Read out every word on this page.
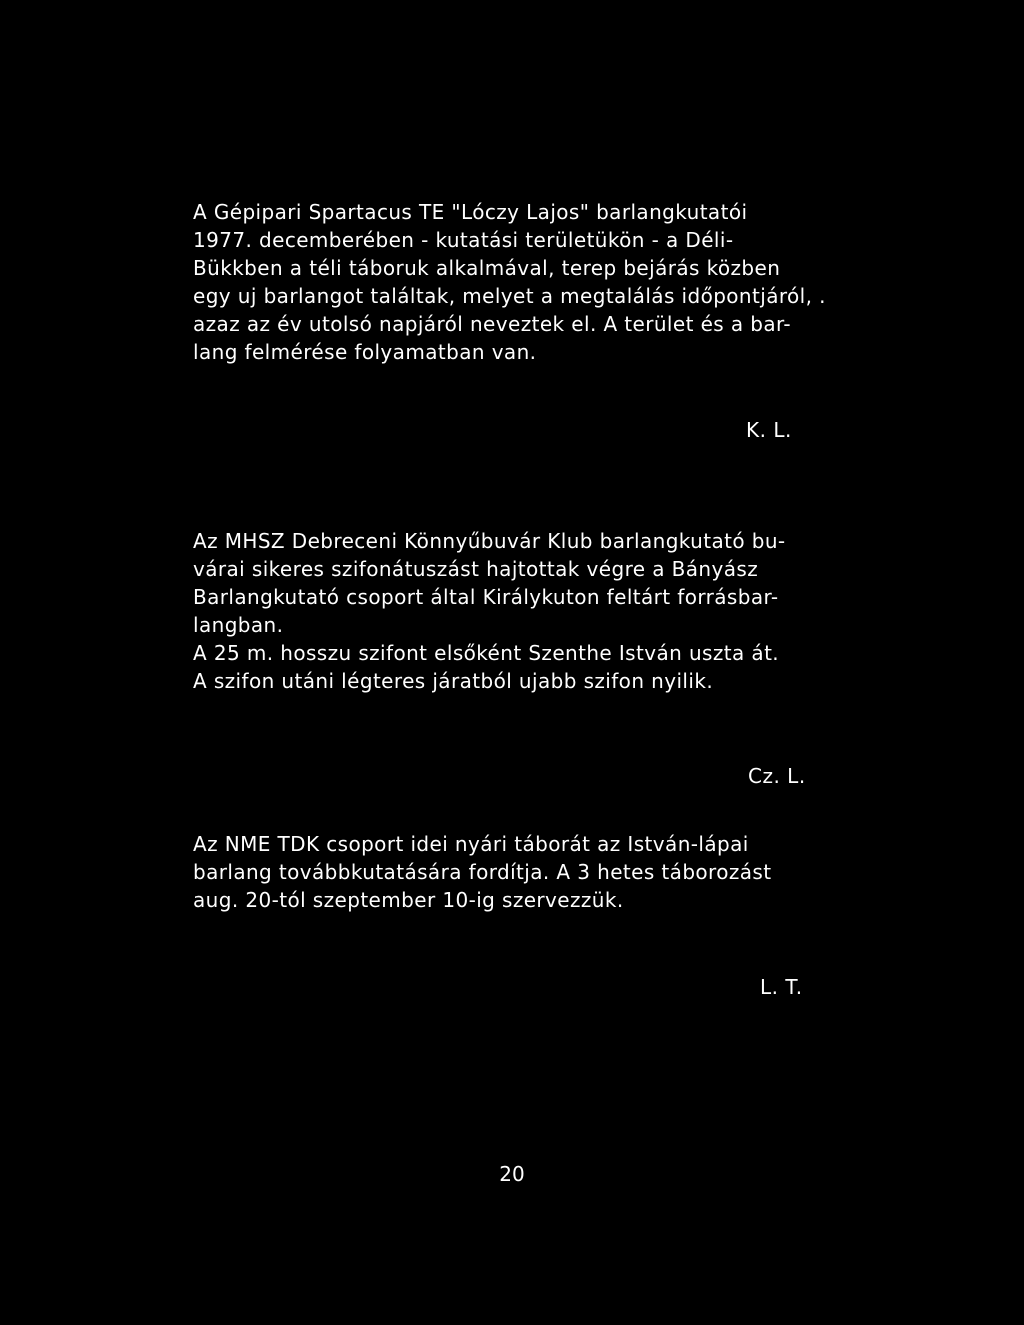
A Gépipari Spartacus TE "Lóczy Lajos" barlangkutatói
1977. decemberében - kutatási területükön - a Déli-
Bükkben a téli táboruk alkalmával, terep bejárás közben
egy uj barlangot találtak, melyet a megtalálás időpontjáról, .
azaz az év utolsó napjáról neveztek el. A terület és a bar-
lang felmérése folyamatban van.
K. L.
Az MHSZ Debreceni Könnyűbuvár Klub barlangkutató bu-
várai sikeres szifonátuszást hajtottak végre a Bányász
Barlangkutató csoport által Királykuton feltárt forrásbar-
langban.
A 25 m. hosszu szifont elsőként Szenthe István uszta át.
A szifon utáni légteres járatból ujabb szifon nyilik.
Cz. L.
Az NME TDK csoport idei nyári táborát az István-lápai
barlang továbbkutatására fordítja. A 3 hetes táborozást
aug. 20-tól szeptember 10-ig szervezzük.
L. T.
20
